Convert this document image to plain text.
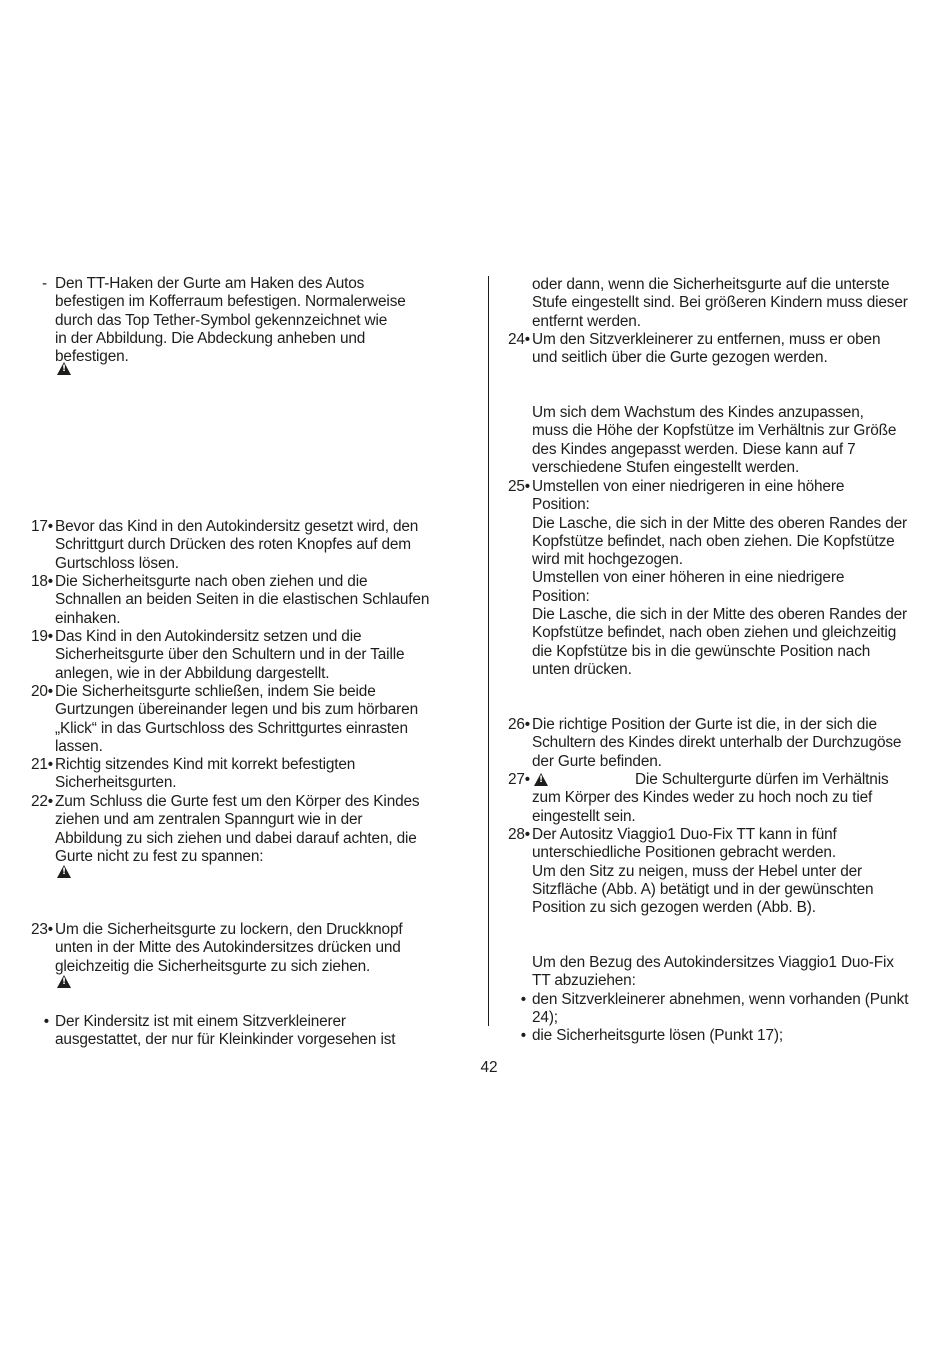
- Den TT-Haken der Gurte am Haken des Autos
befestigen im Kofferraum befestigen. Normalerweise
durch das Top Tether-Symbol gekennzeichnet wie
in der Abbildung. Die Abdeckung anheben und
befestigen.
!
17• Bevor das Kind in den Autokindersitz gesetzt wird, den
Schrittgurt durch Drücken des roten Knopfes auf dem
Gurtschloss lösen.
18• Die Sicherheitsgurte nach oben ziehen und die
Schnallen an beiden Seiten in die elastischen Schlaufen
einhaken.
19• Das Kind in den Autokindersitz setzen und die
Sicherheitsgurte über den Schultern und in der Taille
anlegen, wie in der Abbildung dargestellt.
20• Die Sicherheitsgurte schließen, indem Sie beide
Gurtzungen übereinander legen und bis zum hörbaren
„Klick“ in das Gurtschloss des Schrittgurtes einrasten
lassen.
21• Richtig sitzendes Kind mit korrekt befestigten
Sicherheitsgurten.
22• Zum Schluss die Gurte fest um den Körper des Kindes
ziehen und am zentralen Spanngurt wie in der
Abbildung zu sich ziehen und dabei darauf achten, die
Gurte nicht zu fest zu spannen:
!
23• Um die Sicherheitsgurte zu lockern, den Druckknopf
unten in der Mitte des Autokindersitzes drücken und
gleichzeitig die Sicherheitsgurte zu sich ziehen.
!
• Der Kindersitz ist mit einem Sitzverkleinerer
ausgestattet, der nur für Kleinkinder vorgesehen ist
oder dann, wenn die Sicherheitsgurte auf die unterste
Stufe eingestellt sind. Bei größeren Kindern muss dieser
entfernt werden.
24• Um den Sitzverkleinerer zu entfernen, muss er oben
und seitlich über die Gurte gezogen werden.
Um sich dem Wachstum des Kindes anzupassen,
muss die Höhe der Kopfstütze im Verhältnis zur Größe
des Kindes angepasst werden. Diese kann auf 7
verschiedene Stufen eingestellt werden.
25• Umstellen von einer niedrigeren in eine höhere
Position:
Die Lasche, die sich in der Mitte des oberen Randes der
Kopfstütze befindet, nach oben ziehen. Die Kopfstütze
wird mit hochgezogen.
Umstellen von einer höheren in eine niedrigere
Position:
Die Lasche, die sich in der Mitte des oberen Randes der
Kopfstütze befindet, nach oben ziehen und gleichzeitig
die Kopfstütze bis in die gewünschte Position nach
unten drücken.
26• Die richtige Position der Gurte ist die, in der sich die
Schultern des Kindes direkt unterhalb der Durchzugöse
der Gurte befinden.
27•
!	Die Schultergurte dürfen im Verhältnis
zum Körper des Kindes weder zu hoch noch zu tief
eingestellt sein.
28• Der Autositz Viaggio1 Duo-Fix TT kann in fünf
unterschiedliche Positionen gebracht werden.
Um den Sitz zu neigen, muss der Hebel unter der
Sitzfläche (Abb. A) betätigt und in der gewünschten
Position zu sich gezogen werden (Abb. B).
Um den Bezug des Autokindersitzes Viaggio1 Duo-Fix
TT abzuziehen:
• den Sitzverkleinerer abnehmen, wenn vorhanden (Punkt
24);
• die Sicherheitsgurte lösen (Punkt 17);
42
